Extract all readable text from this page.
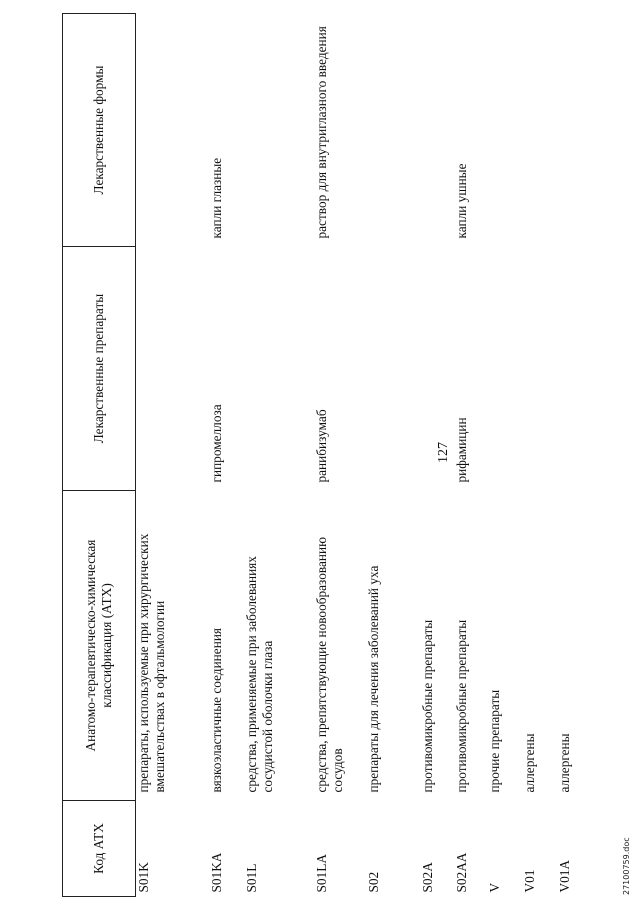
127
Код АТХ	Анатомо-терапевтическо-химическая классификация (АТХ)	Лекарственные препараты	Лекарственные формы
S01K	препараты, используемые при хирургических вмешательствах в офтальмологии		
S01KA	вязкоэластичные соединения	гипромеллоза	капли глазные
S01L	средства, применяемые при заболеваниях сосудистой оболочки глаза		
S01LA	средства, препятствующие новообразованию сосудов	ранибизумаб	раствор для внутриглазного введения
S02	препараты для лечения заболеваний уха		
S02A	противомикробные препараты		
S02AA	противомикробные препараты	рифамицин	капли ушные
V	прочие препараты		
V01	аллергены		
V01A	аллергены		
27100759.doc
